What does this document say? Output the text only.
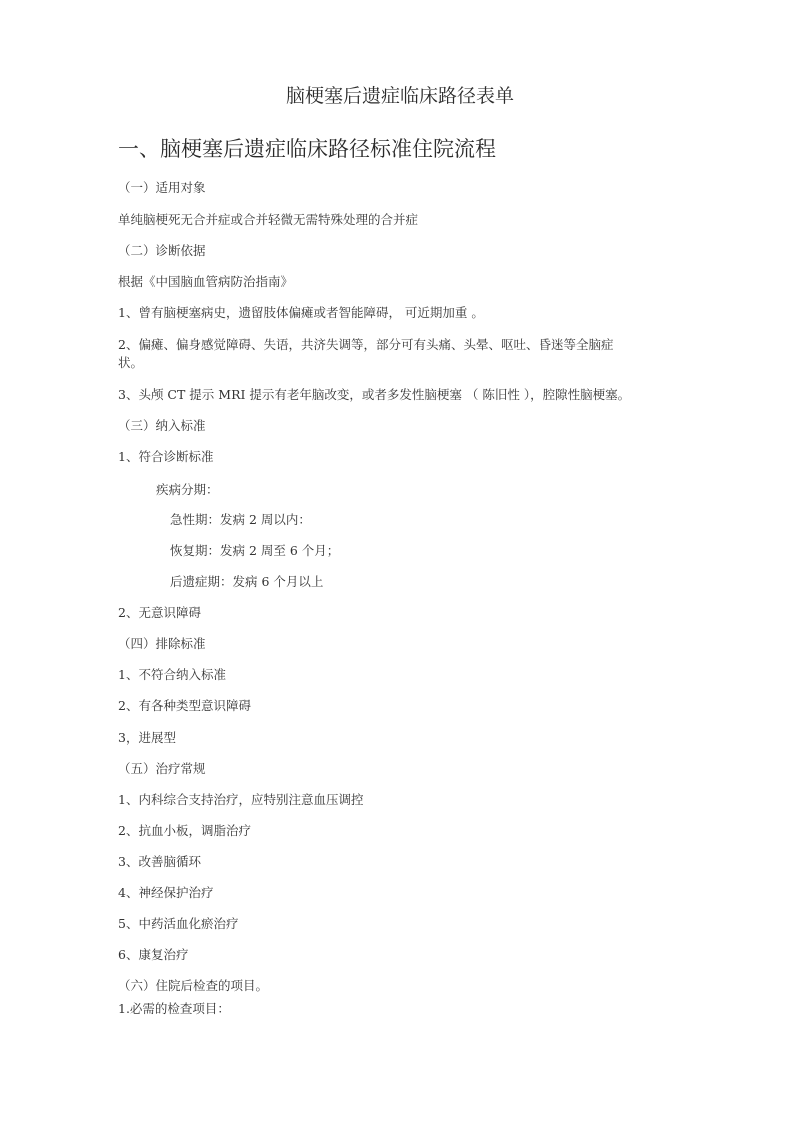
脑梗塞后遗症临床路径表单
一、脑梗塞后遗症临床路径标准住院流程
（一）适用对象
单纯脑梗死无合并症或合并轻微无需特殊处理的合并症
（二）诊断依据
根据《中国脑血管病防治指南》
1、曾有脑梗塞病史，遗留肢体偏瘫或者智能障碍， 可近期加重 。
2、偏瘫、偏身感觉障碍、失语，共济失调等，部分可有头痛、头晕、呕吐、昏迷等全脑症
状。
3、头颅 CT 提示 MRI 提示有老年脑改变，或者多发性脑梗塞 （ 陈旧性 ），腔隙性脑梗塞。
（三）纳入标准
1、符合诊断标准
疾病分期：
急性期：发病 2 周以内：
恢复期：发病 2 周至 6 个月；
后遗症期：发病 6 个月以上
2、无意识障碍
（四）排除标准
1、不符合纳入标准
2、有各种类型意识障碍
3，进展型
（五）治疗常规
1、内科综合支持治疗，应特别注意血压调控
2、抗血小板，调脂治疗
3、改善脑循环
4、神经保护治疗
5、中药活血化瘀治疗
6、康复治疗
（六）住院后检查的项目。
1.必需的检查项目：
